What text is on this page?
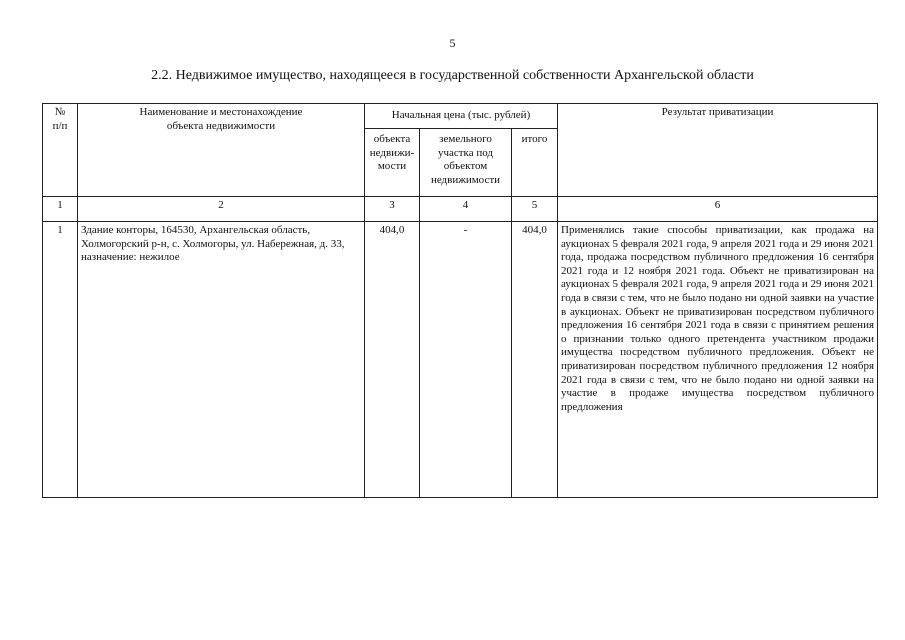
5
2.2. Недвижимое имущество, находящееся в государственной собственности Архангельской области
№ п/п	Наименование и местонахождение объекта недвижимости	Начальная цена (тыс. рублей)			Результат приватизации
		объекта недвижи-мости	земельного участка под объектом недвижимости	итого	
1	2	3	4	5	6
1	Здание конторы, 164530, Архангельская область, Холмогорский р-н, с. Холмогоры, ул. Набережная, д. 33, назначение: нежилое	404,0	-	404,0	Применялись такие способы приватизации, как продажа на аукционах 5 февраля 2021 года, 9 апреля 2021 года и 29 июня 2021 года, продажа посредством публичного предложения 16 сентября 2021 года и 12 ноября 2021 года. Объект не приватизирован на аукционах 5 февраля 2021 года, 9 апреля 2021 года и 29 июня 2021 года в связи с тем, что не было подано ни одной заявки на участие в аукционах. Объект не приватизирован посредством публичного предложения 16 сентября 2021 года в связи с принятием решения о признании только одного претендента участником продажи имущества посредством публичного предложения. Объект не приватизирован посредством публичного предложения 12 ноября 2021 года в связи с тем, что не было подано ни одной заявки на участие в продаже имущества посредством публичного предложения
